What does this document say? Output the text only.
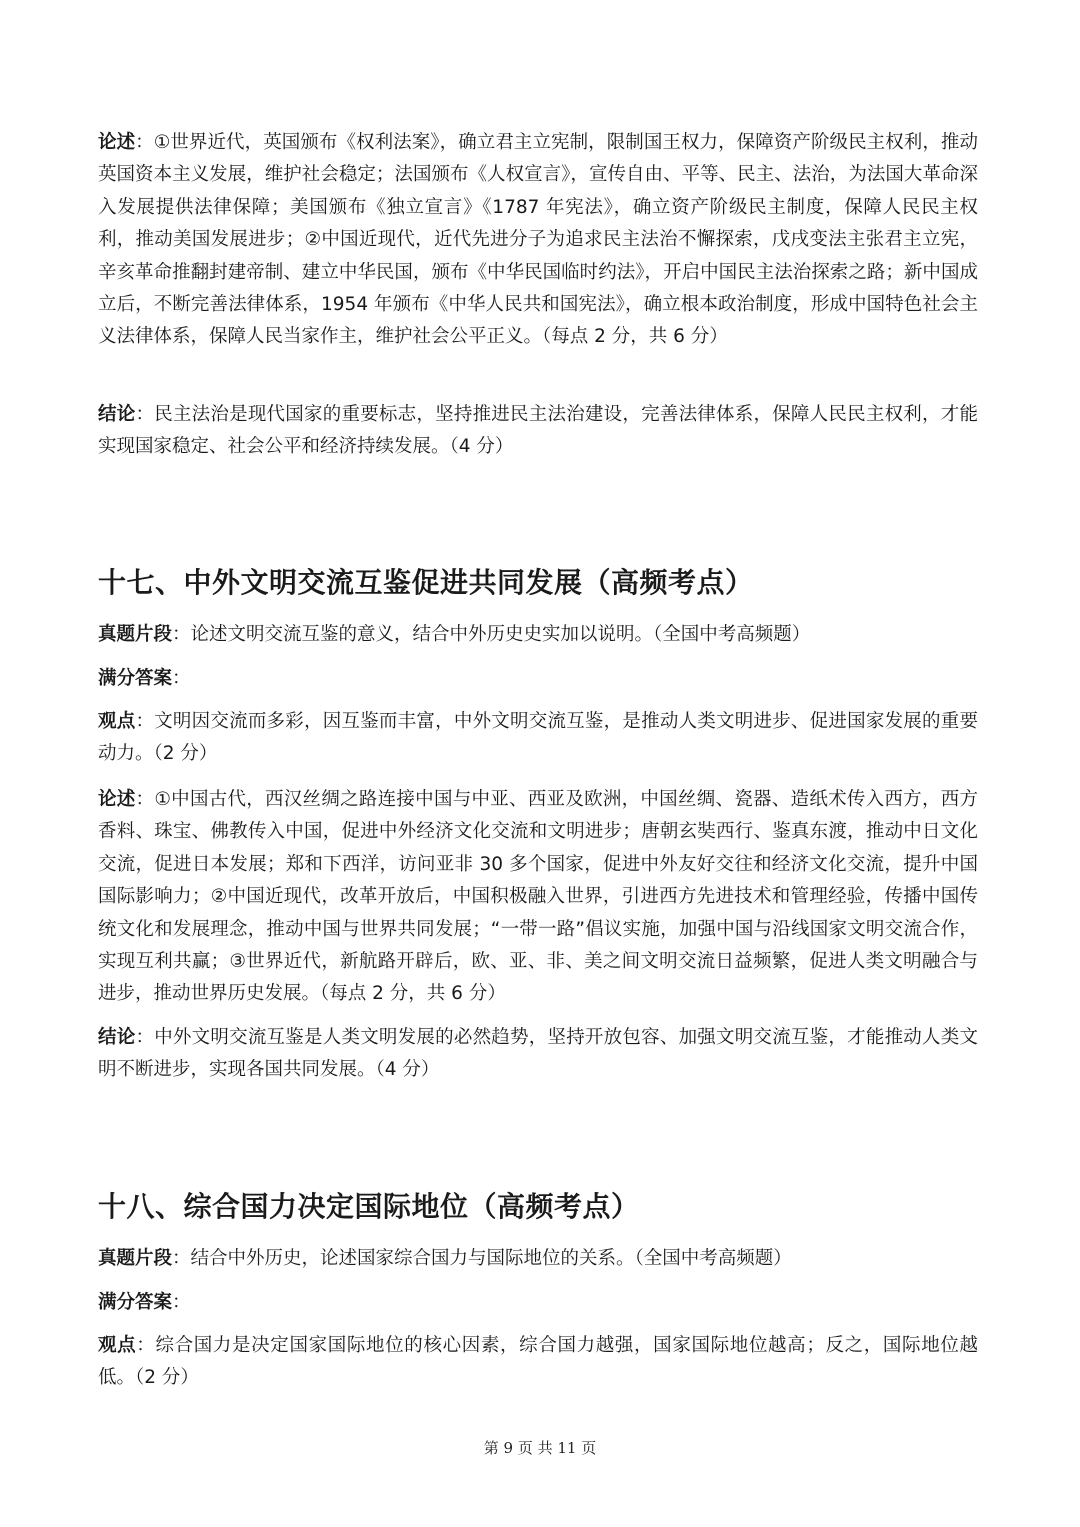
论述：①世界近代，英国颁布《权利法案》，确立君主立宪制，限制国王权力，保障资产阶级民主权利，推动英国资本主义发展，维护社会稳定；法国颁布《人权宣言》，宣传自由、平等、民主、法治，为法国大革命深入发展提供法律保障；美国颁布《独立宣言》《1787 年宪法》，确立资产阶级民主制度，保障人民民主权利，推动美国发展进步；②中国近现代，近代先进分子为追求民主法治不懈探索，戊戌变法主张君主立宪，辛亥革命推翻封建帝制、建立中华民国，颁布《中华民国临时约法》，开启中国民主法治探索之路；新中国成立后，不断完善法律体系，1954 年颁布《中华人民共和国宪法》，确立根本政治制度，形成中国特色社会主义法律体系，保障人民当家作主，维护社会公平正义。（每点 2 分，共 6 分）
结论：民主法治是现代国家的重要标志，坚持推进民主法治建设，完善法律体系，保障人民民主权利，才能实现国家稳定、社会公平和经济持续发展。（4 分）
十七、中外文明交流互鉴促进共同发展（高频考点）
真题片段：论述文明交流互鉴的意义，结合中外历史史实加以说明。（全国中考高频题）
满分答案：
观点：文明因交流而多彩，因互鉴而丰富，中外文明交流互鉴，是推动人类文明进步、促进国家发展的重要动力。（2 分）
论述：①中国古代，西汉丝绸之路连接中国与中亚、西亚及欧洲，中国丝绸、瓷器、造纸术传入西方，西方香料、珠宝、佛教传入中国，促进中外经济文化交流和文明进步；唐朝玄奘西行、鉴真东渡，推动中日文化交流，促进日本发展；郑和下西洋，访问亚非 30 多个国家，促进中外友好交往和经济文化交流，提升中国国际影响力；②中国近现代，改革开放后，中国积极融入世界，引进西方先进技术和管理经验，传播中国传统文化和发展理念，推动中国与世界共同发展；“一带一路”倡议实施，加强中国与沿线国家文明交流合作，实现互利共赢；③世界近代，新航路开辟后，欧、亚、非、美之间文明交流日益频繁，促进人类文明融合与进步，推动世界历史发展。（每点 2 分，共 6 分）
结论：中外文明交流互鉴是人类文明发展的必然趋势，坚持开放包容、加强文明交流互鉴，才能推动人类文明不断进步，实现各国共同发展。（4 分）
十八、综合国力决定国际地位（高频考点）
真题片段：结合中外历史，论述国家综合国力与国际地位的关系。（全国中考高频题）
满分答案：
观点：综合国力是决定国家国际地位的核心因素，综合国力越强，国家国际地位越高；反之，国际地位越低。（2 分）
第 9 页 共 11 页
